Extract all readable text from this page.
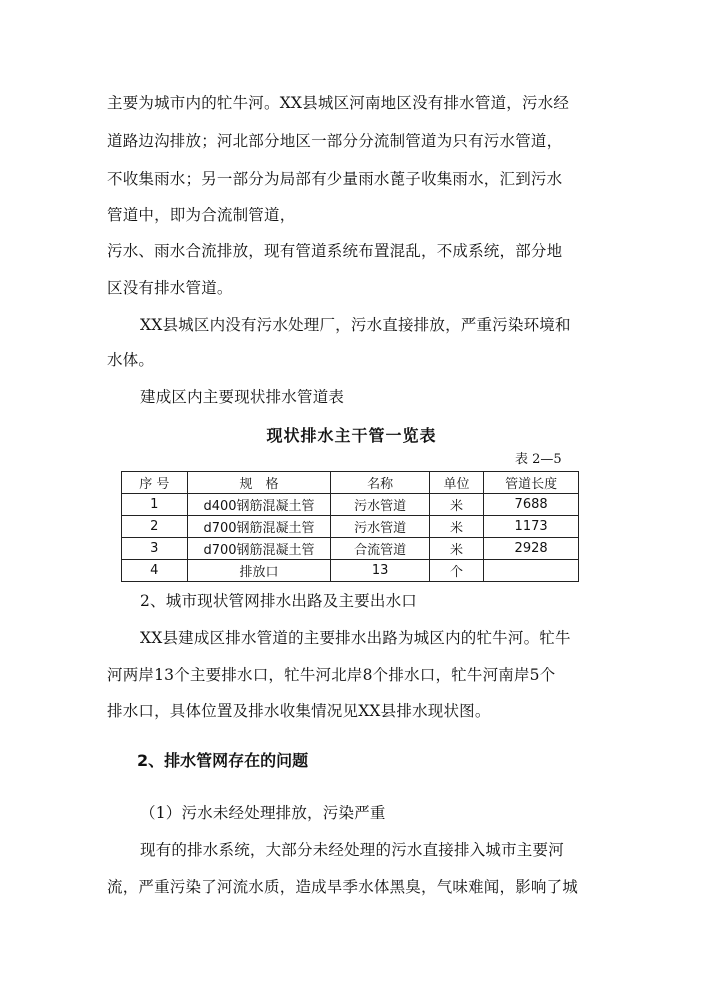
主要为城市内的牤牛河。XX县城区河南地区没有排水管道，污水经
道路边沟排放；河北部分地区一部分分流制管道为只有污水管道，
不收集雨水；另一部分为局部有少量雨水蓖子收集雨水，汇到污水
管道中，即为合流制管道，
污水、雨水合流排放，现有管道系统布置混乱，不成系统，部分地
区没有排水管道。
XX县城区内没有污水处理厂，污水直接排放，严重污染环境和
水体。
建成区内主要现状排水管道表
现状排水主干管一览表
表 2—5
序 号	规　格	名称	单位	管道长度
1	d400钢筋混凝土管	污水管道	米	7688
2	d700钢筋混凝土管	污水管道	米	1173
3	d700钢筋混凝土管	合流管道	米	2928
4	排放口	13	个	
2、城市现状管网排水出路及主要出水口
XX县建成区排水管道的主要排水出路为城区内的牤牛河。牤牛
河两岸13个主要排水口，牤牛河北岸8个排水口，牤牛河南岸5个
排水口，具体位置及排水收集情况见XX县排水现状图。
2、排水管网存在的问题
（1）污水未经处理排放，污染严重
现有的排水系统，大部分未经处理的污水直接排入城市主要河
流，严重污染了河流水质，造成旱季水体黑臭，气味难闻，影响了城
